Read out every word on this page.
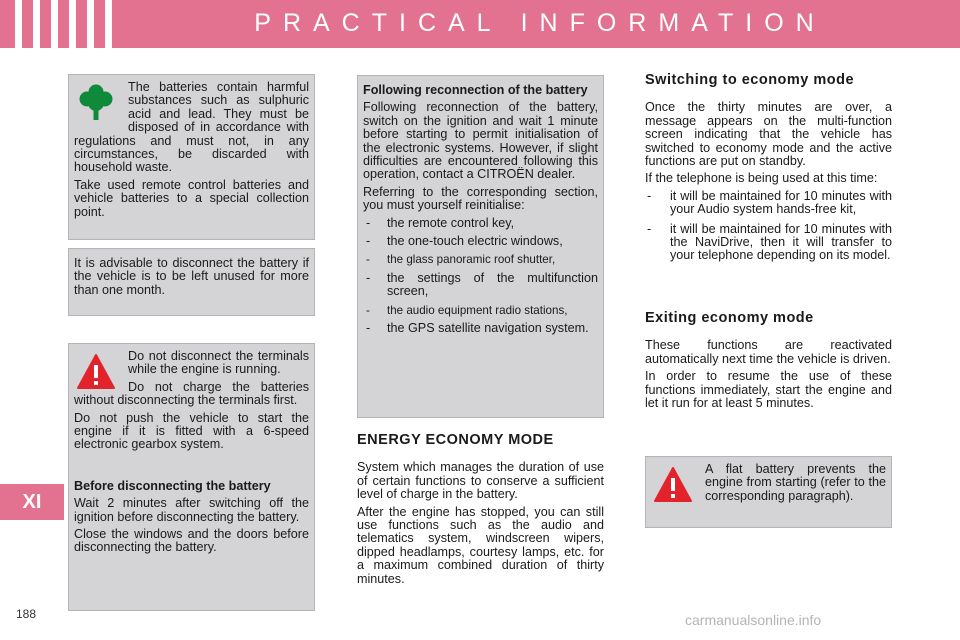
PRACTICAL INFORMATION
XI
188	carmanualsonline.info

The batteries contain harmful substances such as sulphuric acid and lead. They must be disposed of in accordance with regulations and must not, in any circumstances, be discarded with household waste.

Take used remote control batteries and vehicle batteries to a special collection point.

It is advisable to disconnect the battery if the vehicle is to be left unused for more than one month.

Do not disconnect the terminals while the engine is running.

Do not charge the batteries without disconnecting the terminals first.

Do not push the vehicle to start the engine if it is fitted with a 6-speed electronic gearbox system.

Before disconnecting the battery

Wait 2 minutes after switching off the ignition before disconnecting the battery.

Close the windows and the doors before disconnecting the battery.

Following reconnection of the battery

Following reconnection of the battery, switch on the ignition and wait 1 minute before starting to permit initialisation of the electronic systems. However, if slight difficulties are encountered following this operation, contact a CITROËN dealer.

Referring to the corresponding section, you must yourself reinitialise:

- the remote control key,
- the one-touch electric windows,
- the glass panoramic roof shutter,
- the settings of the multifunction screen,
- the audio equipment radio stations,
- the GPS satellite navigation system.
ENERGY ECONOMY MODE

System which manages the duration of use of certain functions to conserve a sufficient level of charge in the battery.

After the engine has stopped, you can still use functions such as the audio and telematics system, windscreen wipers, dipped headlamps, courtesy lamps, etc. for a maximum combined duration of thirty minutes.

Switching to economy mode

Once the thirty minutes are over, a message appears on the multi-function screen indicating that the vehicle has switched to economy mode and the active functions are put on standby.

If the telephone is being used at this time:

- it will be maintained for 10 minutes with your Audio system hands-free kit,
- it will be maintained for 10 minutes with the NaviDrive, then it will transfer to your telephone depending on its model.
Exiting economy mode

These functions are reactivated automatically next time the vehicle is driven.

In order to resume the use of these functions immediately, start the engine and let it run for at least 5 minutes.

A flat battery prevents the engine from starting (refer to the corresponding paragraph).
